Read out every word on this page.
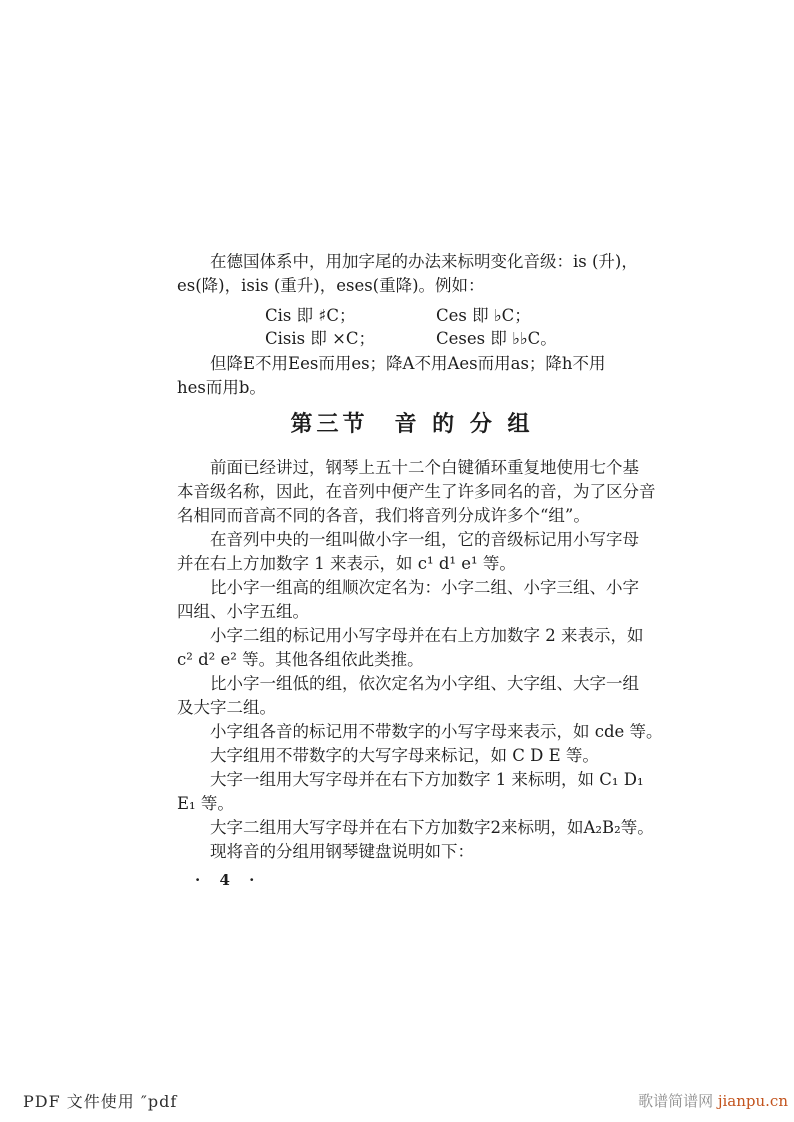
在德国体系中，用加字尾的办法来标明变化音级：is (升)，
es(降)，isis (重升)，eses(重降)。例如：
Cis 即 ♯C；	Ces 即 ♭C；
Cisis 即 ×C；	Ceses 即 ♭♭C。
但降E不用Ees而用es；降A不用Aes而用as；降h不用
hes而用b。
第三节　音 的 分 组
前面已经讲过，钢琴上五十二个白键循环重复地使用七个基
本音级名称，因此，在音列中便产生了许多同名的音，为了区分音
名相同而音高不同的各音，我们将音列分成许多个“组”。
在音列中央的一组叫做小字一组，它的音级标记用小写字母
并在右上方加数字 1 来表示，如 c¹ d¹ e¹ 等。
比小字一组高的组顺次定名为：小字二组、小字三组、小字
四组、小字五组。
小字二组的标记用小写字母并在右上方加数字 2 来表示，如
c² d² e² 等。其他各组依此类推。
比小字一组低的组，依次定名为小字组、大字组、大字一组
及大字二组。
小字组各音的标记用不带数字的小写字母来表示，如 cde 等。
大字组用不带数字的大写字母来标记，如 C D E 等。
大字一组用大写字母并在右下方加数字 1 来标明，如 C₁ D₁
E₁ 等。
大字二组用大写字母并在右下方加数字2来标明，如A₂B₂等。
现将音的分组用钢琴键盘说明如下：
· 4 ·
PDF 文件使用 ″pdf	歌谱简谱网 jianpu.cn
